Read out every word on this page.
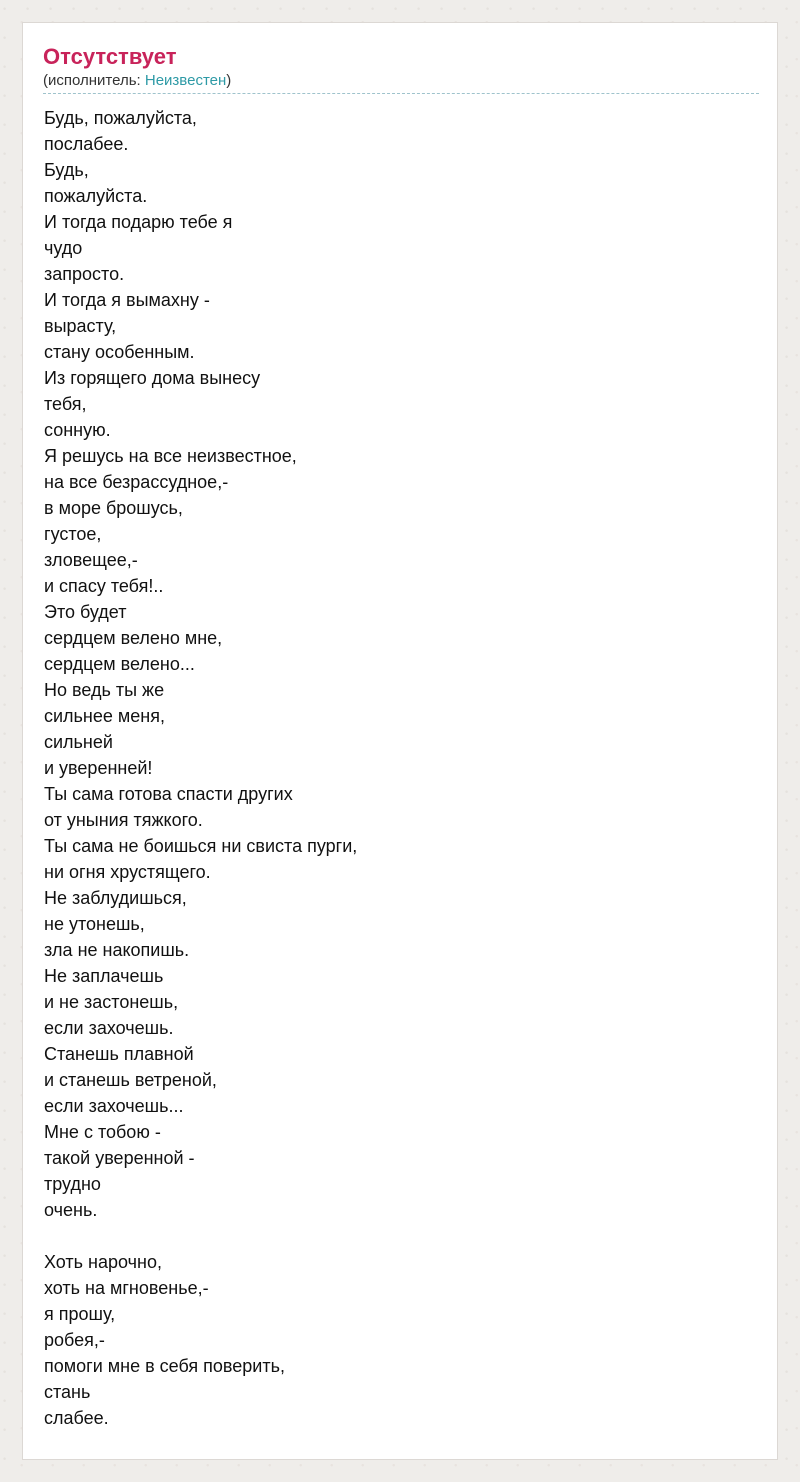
Отсутствует

(исполнитель: Неизвестен)

Будь, пожалуйста,
послабее.
Будь,
пожалуйста.
И тогда подарю тебе я
чудо
запросто.
И тогда я вымахну -
вырасту,
стану особенным.
Из горящего дома вынесу
тебя,
сонную.
Я решусь на все неизвестное,
на все безрассудное,-
в море брошусь,
густое,
зловещее,-
и спасу тебя!..
Это будет
сердцем велено мне,
сердцем велено...
Но ведь ты же
сильнее меня,
сильней
и уверенней!
Ты сама готова спасти других
от уныния тяжкого.
Ты сама не боишься ни свиста пурги,
ни огня хрустящего.
Не заблудишься,
не утонешь,
зла не накопишь.
Не заплачешь
и не застонешь,
если захочешь.
Станешь плавной
и станешь ветреной,
если захочешь...
Мне с тобою -
такой уверенной -
трудно
очень.

Хоть нарочно,
хоть на мгновенье,-
я прошу,
робея,-
помоги мне в себя поверить,
стань
слабее.
